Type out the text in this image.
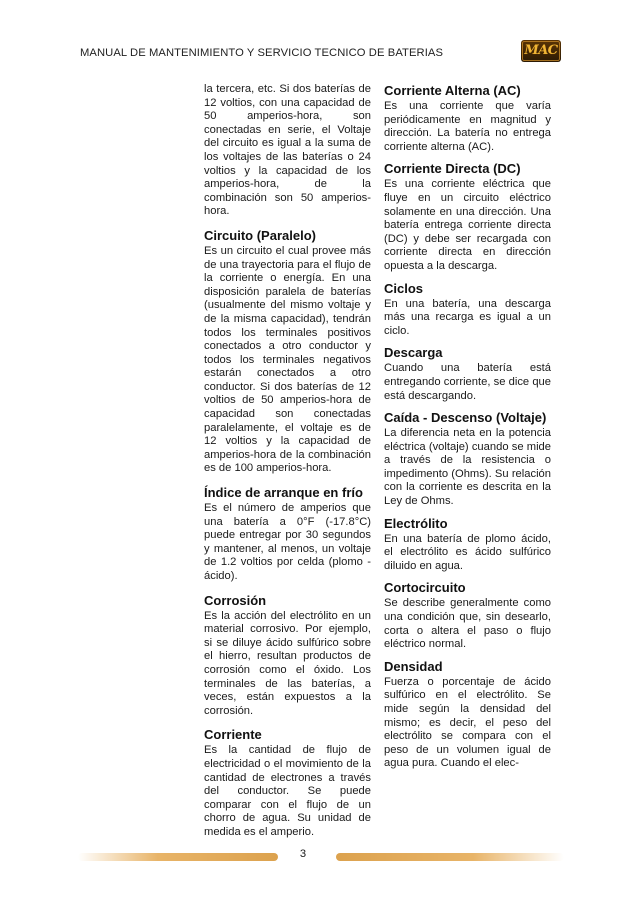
MANUAL DE MANTENIMIENTO Y SERVICIO TECNICO DE BATERIAS	MAC

la tercera, etc. Si dos baterías de 12 voltios, con una capacidad de 50 amperios-hora, son conectadas en serie, el Voltaje del circuito es igual a la suma de los voltajes de las baterías o 24 voltios y la capacidad de los amperios-hora, de la combinación son 50 amperios-hora.

Circuito (Paralelo)

Es un circuito el cual provee más de una trayectoria para el flujo de la corriente o energía. En una disposición paralela de baterías (usualmente del mismo voltaje y de la misma capacidad), tendrán todos los terminales positivos conectados a otro conductor y todos los terminales negativos estarán conectados a otro conductor. Si dos baterías de 12 voltios de 50 amperios-hora de capacidad son conectadas paralelamente, el voltaje es de 12 voltios y la capacidad de amperios-hora de la combinación es de 100 amperios-hora.

Índice de arranque en frío

Es el número de amperios que una batería a 0°F (-17.8°C) puede entregar por 30 segundos y mantener, al menos, un voltaje de 1.2 voltios por celda (plomo - ácido).

Corrosión

Es la acción del electrólito en un material corrosivo. Por ejemplo, si se diluye ácido sulfúrico sobre el hierro, resultan productos de corrosión como el óxido. Los terminales de las baterías, a veces, están expuestos a la corrosión.

Corriente

Es la cantidad de flujo de electricidad o el movimiento de la cantidad de electrones a través del conductor. Se puede comparar con el flujo de un chorro de agua. Su unidad de medida es el amperio.

Corriente Alterna (AC)

Es una corriente que varía periódicamente en magnitud y dirección. La batería no entrega corriente alterna (AC).

Corriente Directa (DC)

Es una corriente eléctrica que fluye en un circuito eléctrico solamente en una dirección. Una batería entrega corriente directa (DC) y debe ser recargada con corriente directa en dirección opuesta a la descarga.

Ciclos

En una batería, una descarga más una recarga es igual a un ciclo.

Descarga

Cuando una batería está entregando corriente, se dice que está descargando.

Caída - Descenso (Voltaje)

La diferencia neta en la potencia eléctrica (voltaje) cuando se mide a través de la resistencia o impedimento (Ohms). Su relación con la corriente es descrita en la Ley de Ohms.

Electrólito

En una batería de plomo ácido, el electrólito es ácido sulfúrico diluido en agua.

Cortocircuito

Se describe generalmente como una condición que, sin desearlo, corta o altera el paso o flujo eléctrico normal.

Densidad

Fuerza o porcentaje de ácido sulfúrico en el electrólito. Se mide según la densidad del mismo; es decir, el peso del electrólito se compara con el peso de un volumen igual de agua pura. Cuando el elec-

3
